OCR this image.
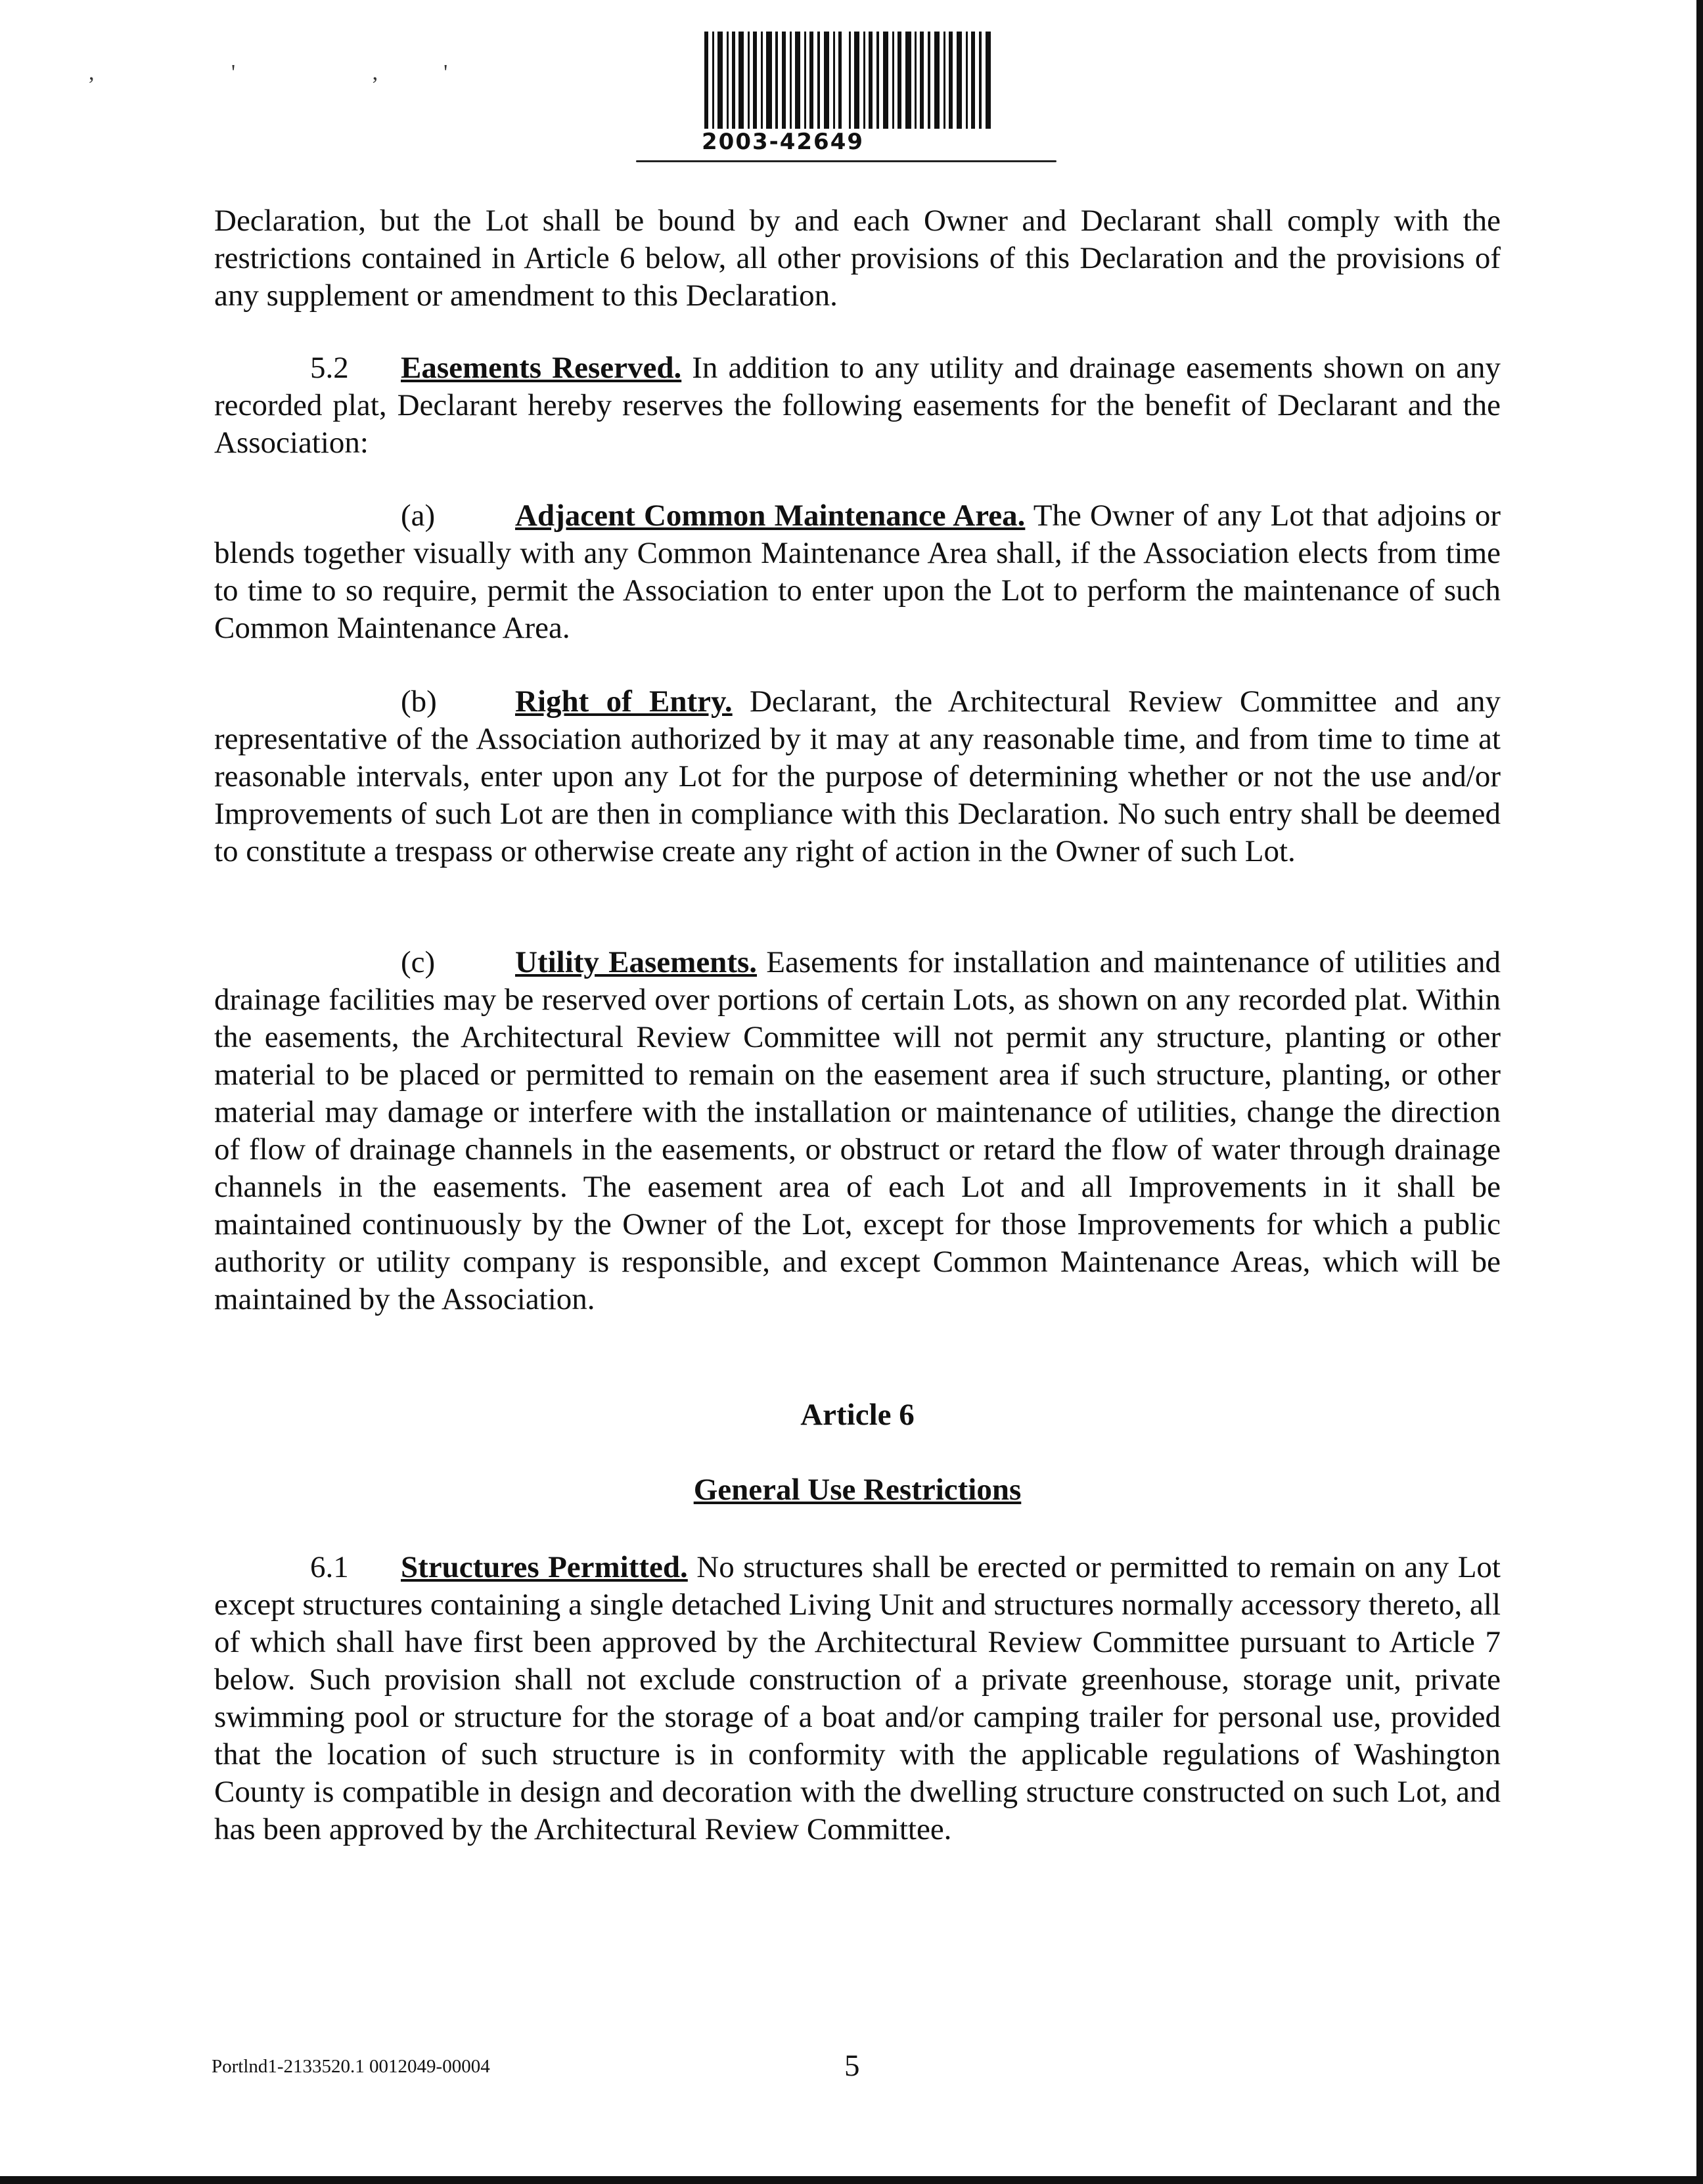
, ' ,'
2003-42649

Declaration, but the Lot shall be bound by and each Owner and Declarant shall comply with the restrictions contained in Article 6 below, all other provisions of this Declaration and the provisions of any supplement or amendment to this Declaration.

5.2 Easements Reserved. In addition to any utility and drainage easements shown on any recorded plat, Declarant hereby reserves the following easements for the benefit of Declarant and the Association:

(a)	Adjacent Common Maintenance Area. The Owner of any Lot that adjoins or blends together visually with any Common Maintenance Area shall, if the Association elects from time to time to so require, permit the Association to enter upon the Lot to perform the maintenance of such Common Maintenance Area.

(b)	Right of Entry. Declarant, the Architectural Review Committee and any representative of the Association authorized by it may at any reasonable time, and from time to time at reasonable intervals, enter upon any Lot for the purpose of determining whether or not the use and/or Improvements of such Lot are then in compliance with this Declaration. No such entry shall be deemed to constitute a trespass or otherwise create any right of action in the Owner of such Lot.

(c)	Utility Easements. Easements for installation and maintenance of utilities and drainage facilities may be reserved over portions of certain Lots, as shown on any recorded plat. Within the easements, the Architectural Review Committee will not permit any structure, planting or other material to be placed or permitted to remain on the easement area if such structure, planting, or other material may damage or interfere with the installation or maintenance of utilities, change the direction of flow of drainage channels in the easements, or obstruct or retard the flow of water through drainage channels in the easements. The easement area of each Lot and all Improvements in it shall be maintained continuously by the Owner of the Lot, except for those Improvements for which a public authority or utility company is responsible, and except Common Maintenance Areas, which will be maintained by the Association.

Article 6

General Use Restrictions

6.1 Structures Permitted. No structures shall be erected or permitted to remain on any Lot except structures containing a single detached Living Unit and structures normally accessory thereto, all of which shall have first been approved by the Architectural Review Committee pursuant to Article 7 below. Such provision shall not exclude construction of a private greenhouse, storage unit, private swimming pool or structure for the storage of a boat and/or camping trailer for personal use, provided that the location of such structure is in conformity with the applicable regulations of Washington County is compatible in design and decoration with the dwelling structure constructed on such Lot, and has been approved by the Architectural Review Committee.

Portlnd1-2133520.1 0012049-00004	5
